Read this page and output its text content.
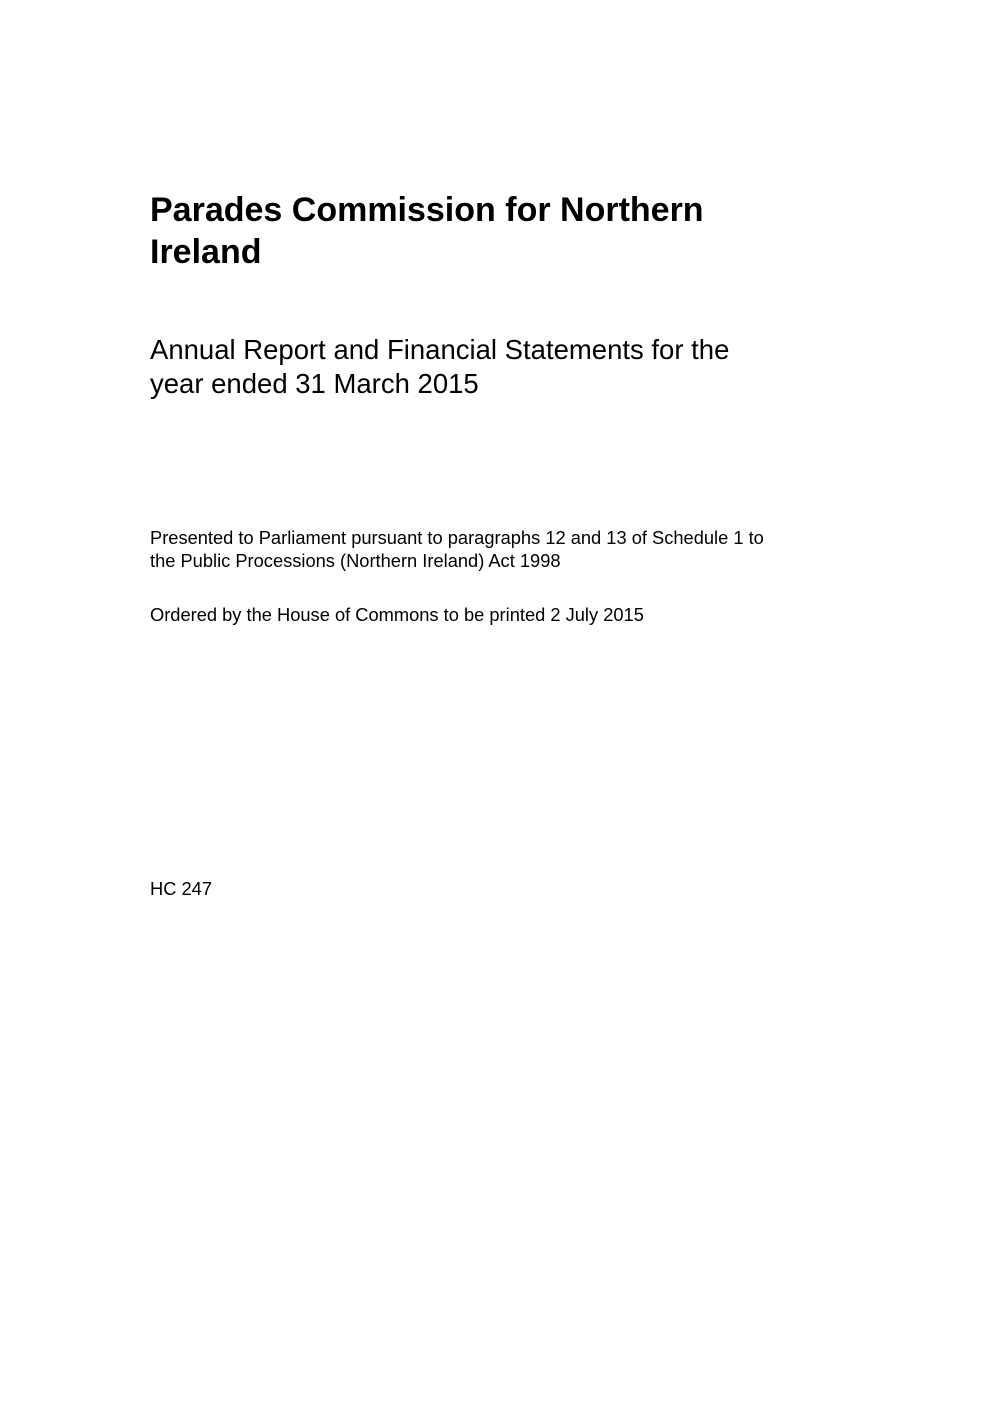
Parades Commission for Northern
Ireland
Annual Report and Financial Statements for the
year ended 31 March 2015

Presented to Parliament pursuant to paragraphs 12 and 13 of Schedule 1 to
the Public Processions (Northern Ireland) Act 1998

Ordered by the House of Commons to be printed 2 July 2015

HC 247
